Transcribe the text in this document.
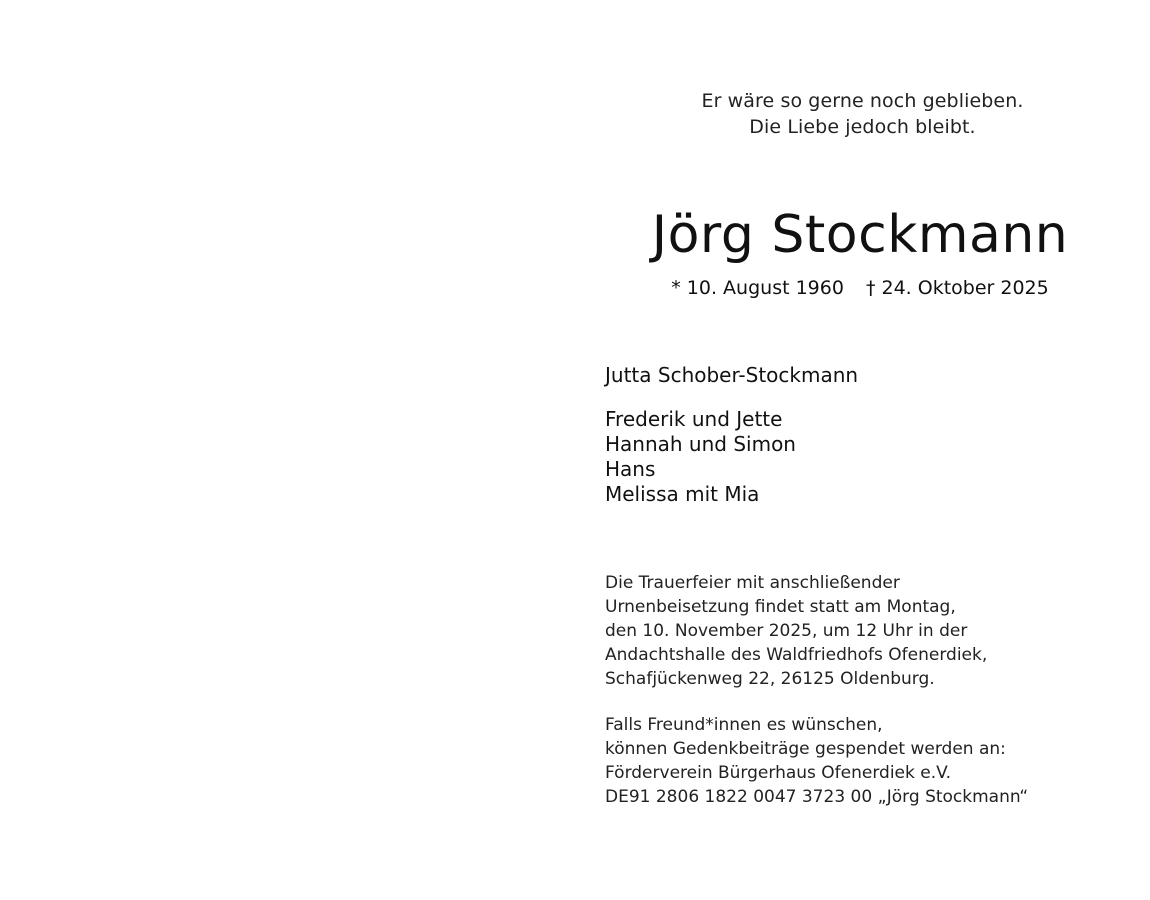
Er wäre so gerne noch geblieben.
Die Liebe jedoch bleibt.
Jörg Stockmann
* 10. August 1960 † 24. Oktober 2025
Jutta Schober-Stockmann
Frederik und Jette
Hannah und Simon
Hans
Melissa mit Mia
Die Trauerfeier mit anschließender
Urnenbeisetzung findet statt am Montag,
den 10. November 2025, um 12 Uhr in der
Andachtshalle des Waldfriedhofs Ofenerdiek,
Schafjückenweg 22, 26125 Oldenburg.
Falls Freund*innen es wünschen,
können Gedenkbeiträge gespendet werden an:
Förderverein Bürgerhaus Ofenerdiek e.V.
DE91 2806 1822 0047 3723 00 „Jörg Stockmann“
